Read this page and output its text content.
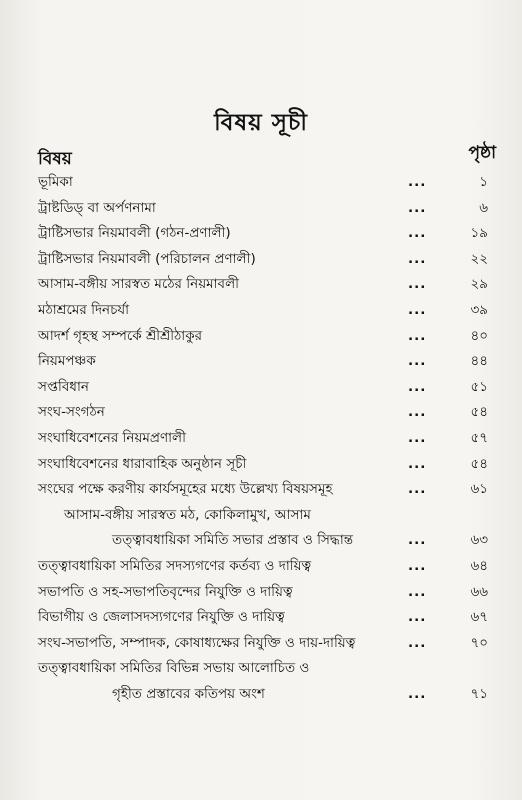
বিষয় সূচী
বিষয়	পৃষ্ঠা
ভূমিকা	...	১
ট্রাষ্টডিড্ বা অর্পণনামা	...	৬
ট্রাষ্টিসভার নিয়মাবলী (গঠন-প্রণালী)	...	১৯
ট্রাষ্টিসভার নিয়মাবলী (পরিচালন প্রণালী)	...	২২
আসাম-বঙ্গীয় সারস্বত মঠের নিয়মাবলী	...	২৯
মঠাশ্রমের দিনচর্যা	...	৩৯
আদর্শ গৃহস্থ সম্পর্কে শ্রীশ্রীঠাকুর	...	৪০
নিয়মপঞ্চক	...	৪৪
সপ্তবিধান	...	৫১
সংঘ-সংগঠন	...	৫৪
সংঘাধিবেশনের নিয়মপ্রণালী	...	৫৭
সংঘাধিবেশনের ধারাবাহিক অনুষ্ঠান সূচী	...	৫৪
সংঘের পক্ষে করণীয় কার্যসমূহের মধ্যে উল্লেখ্য বিষয়সমূহ	...	৬১
আসাম-বঙ্গীয় সারস্বত মঠ, কোকিলামুখ, আসাম
তত্ত্বাবধায়িকা সমিতি সভার প্রস্তাব ও সিদ্ধান্ত	...	৬৩
তত্ত্বাবধায়িকা সমিতির সদস্যগণের কর্তব্য ও দায়িত্ব	...	৬৪
সভাপতি ও সহ-সভাপতিবৃন্দের নিযুক্তি ও দায়িত্ব	...	৬৬
বিভাগীয় ও জেলাসদস্যগণের নিযুক্তি ও দায়িত্ব	...	৬৭
সংঘ-সভাপতি, সম্পাদক, কোষাধ্যক্ষের নিযুক্তি ও দায়-দায়িত্ব	...	৭০
তত্ত্বাবধায়িকা সমিতির বিভিন্ন সভায় আলোচিত ও
গৃহীত প্রস্তাবের কতিপয় অংশ	...	৭১
